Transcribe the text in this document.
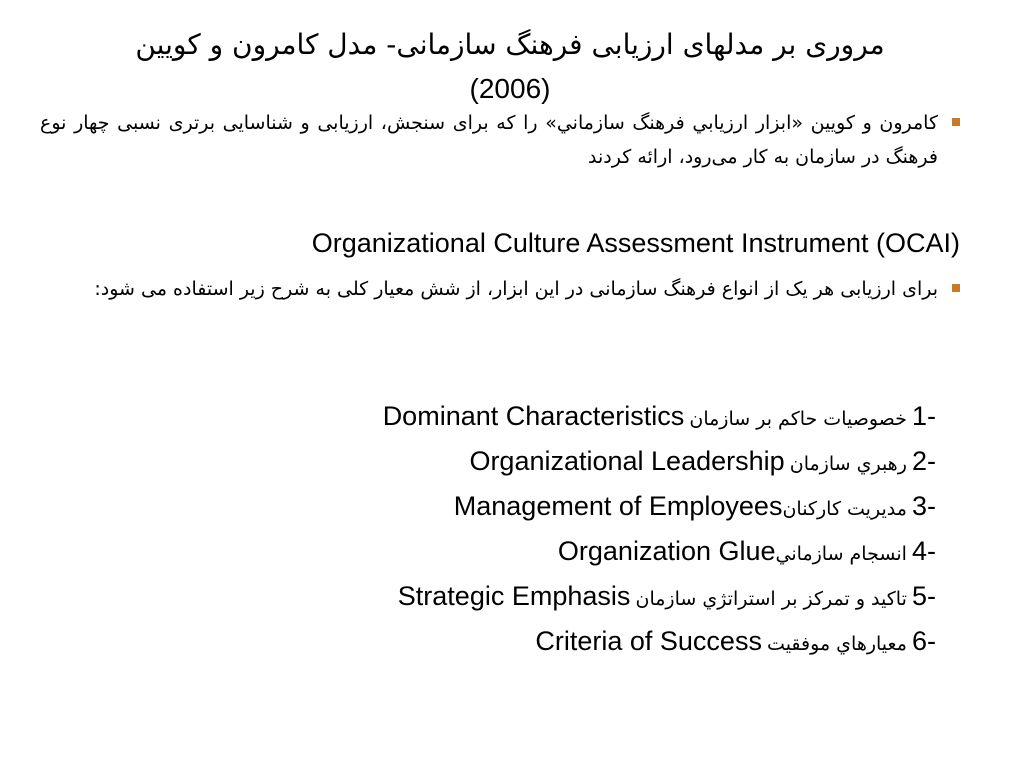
مروری بر مدلهای ارزیابی فرهنگ سازمانی- مدل کامرون و کویین
(2006)
کامرون و کویین «ابزار ارزیابي فرهنگ سازماني» را که برای سنجش، ارزیابی و شناسایی برتری نسبی چهار نوع فرهنگ در سازمان به کار می‌رود، ارائه کردند
Organizational Culture Assessment Instrument (OCAI)
برای ارزیابی هر یک از انواع فرهنگ سازمانی در این ابزار، از شش معیار کلی به شرح زیر استفاده می شود:
Dominant Characteristics خصوصیات حاکم بر سازمان 1-
Organizational Leadership رهبري سازمان 2-
Management of Employeesمديريت كاركنان 3-
Organization Glueانسجام سازماني 4-
Strategic Emphasis تاكيد و تمركز بر استراتژي سازمان 5-
Criteria of Success معيارهاي موفقيت 6-
